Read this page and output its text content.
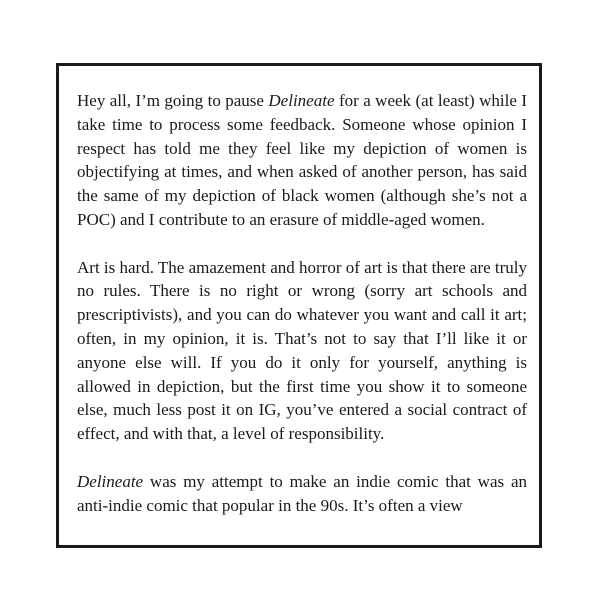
Hey all, I’m going to pause Delineate for a week (at least) while I take time to process some feedback. Someone whose opinion I respect has told me they feel like my depiction of women is objectifying at times, and when asked of another person, has said the same of my depiction of black women (although she’s not a POC) and I contribute to an erasure of middle-aged women.

Art is hard. The amazement and horror of art is that there are truly no rules. There is no right or wrong (sorry art schools and prescriptivists), and you can do whatever you want and call it art; often, in my opinion, it is. That’s not to say that I’ll like it or anyone else will. If you do it only for yourself, anything is allowed in depiction, but the first time you show it to someone else, much less post it on IG, you’ve entered a social contract of effect, and with that, a level of responsibility.

Delineate was my attempt to make an indie comic that was an anti-indie comic that popular in the 90s. It’s often a view
